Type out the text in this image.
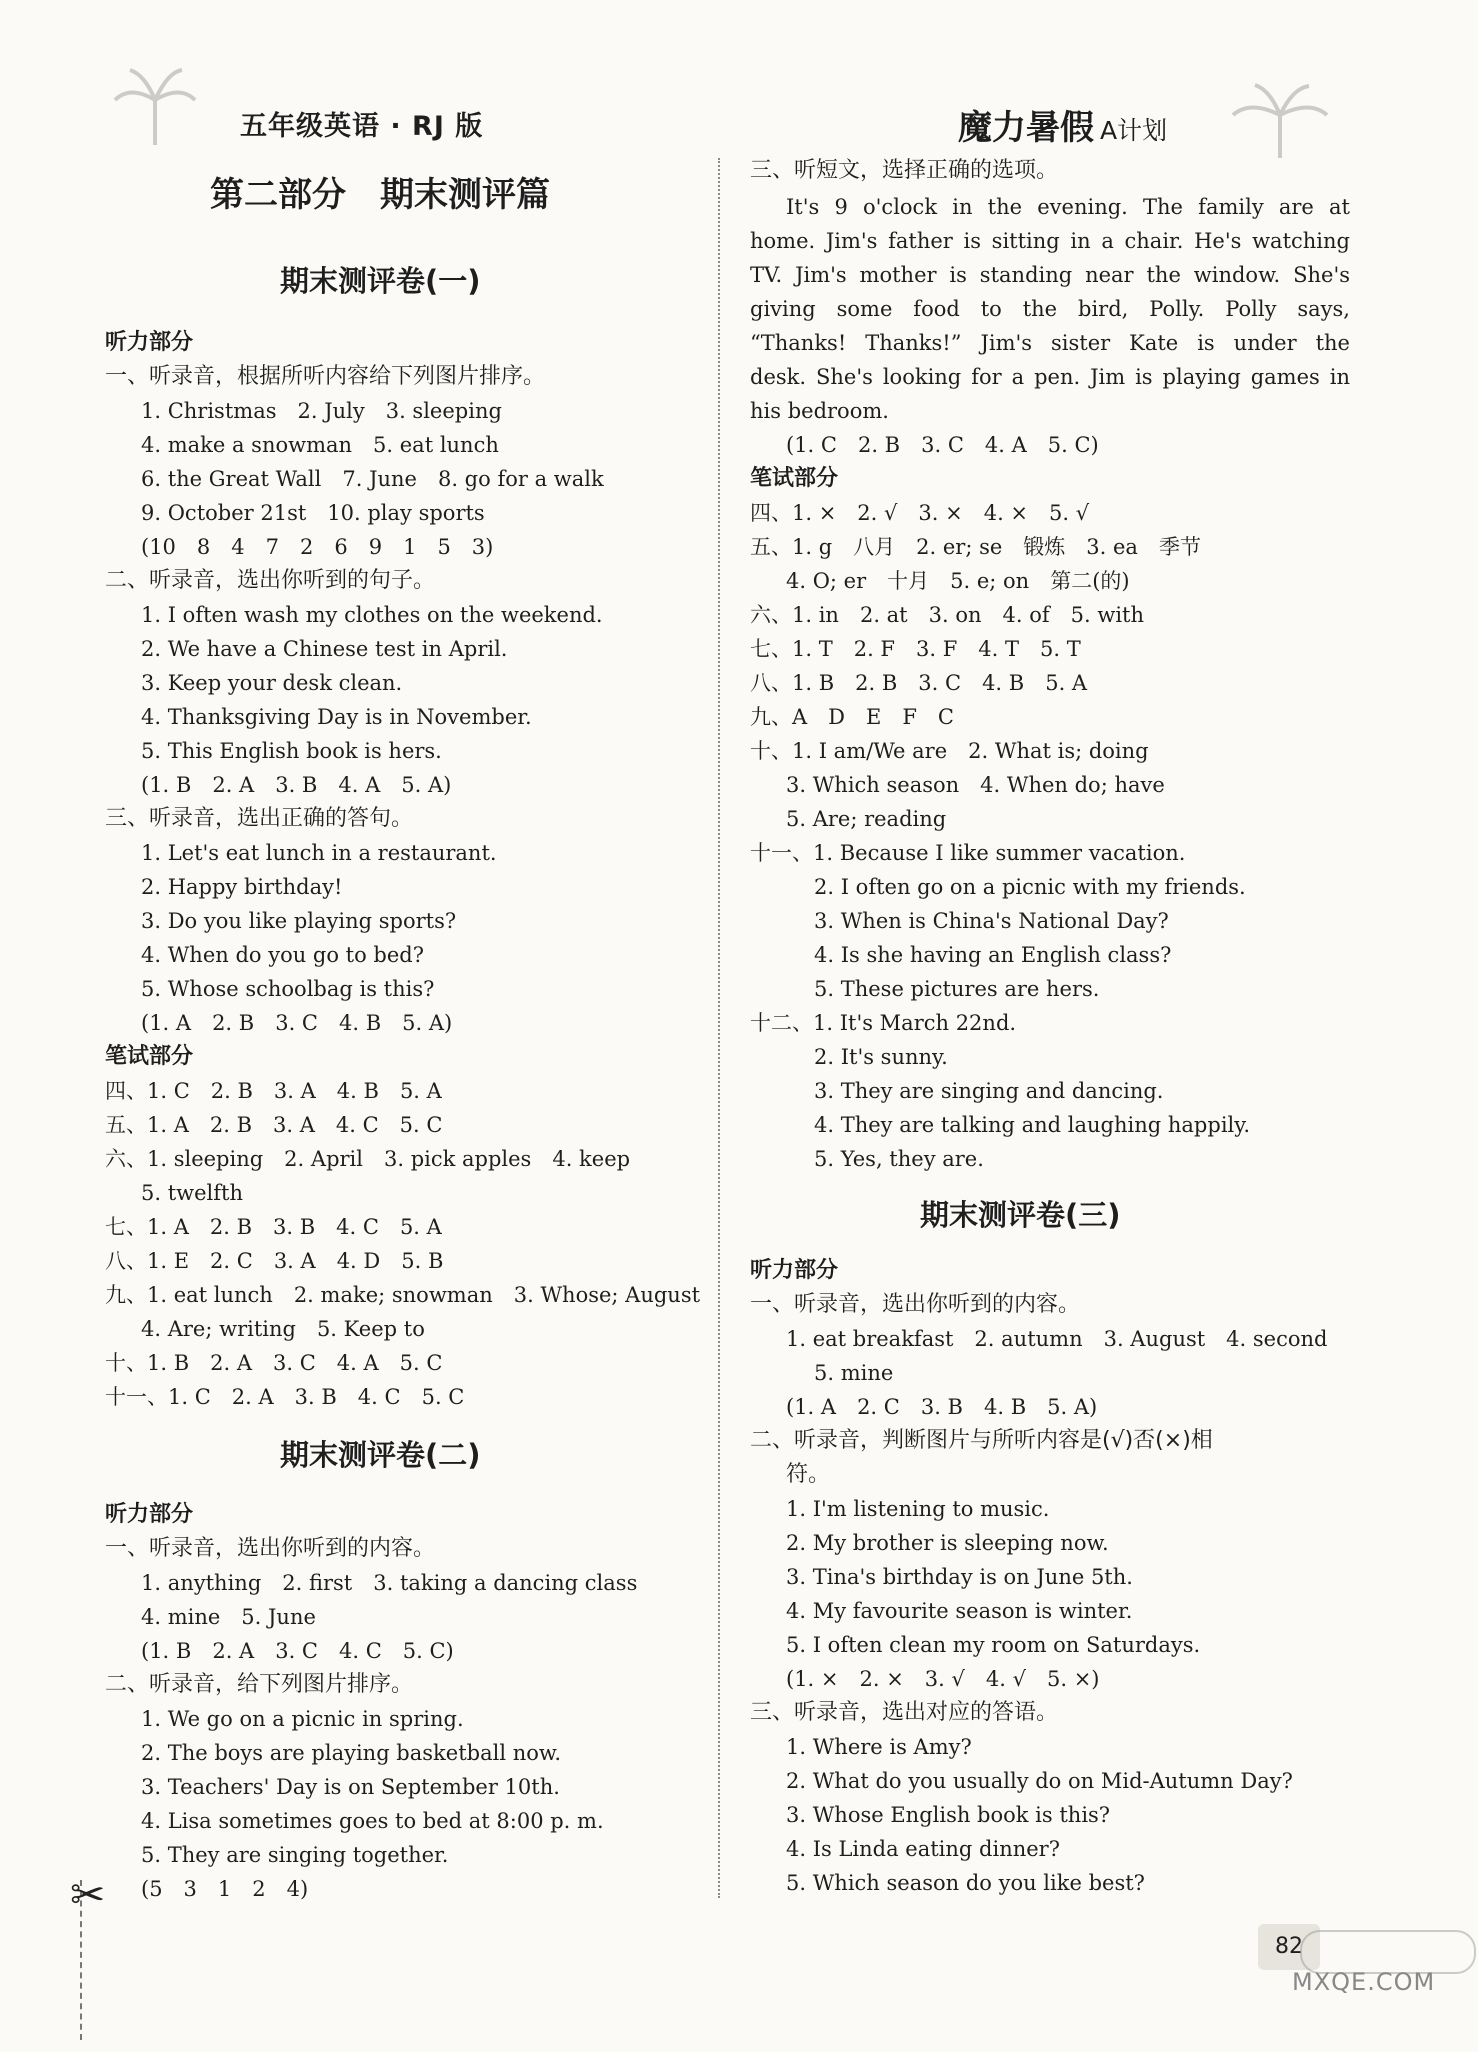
五年级英语 · RJ 版	魔力暑假 A计划
第二部分　期末测评篇
期末测评卷(一)
听力部分
一、听录音，根据所听内容给下列图片排序。
1. Christmas　2. July　3. sleeping
4. make a snowman　5. eat lunch
6. the Great Wall　7. June　8. go for a walk
9. October 21st　10. play sports
(10　8　4　7　2　6　9　1　5　3)
二、听录音，选出你听到的句子。
1. I often wash my clothes on the weekend.
2. We have a Chinese test in April.
3. Keep your desk clean.
4. Thanksgiving Day is in November.
5. This English book is hers.
(1. B　2. A　3. B　4. A　5. A)
三、听录音，选出正确的答句。
1. Let's eat lunch in a restaurant.
2. Happy birthday!
3. Do you like playing sports?
4. When do you go to bed?
5. Whose schoolbag is this?
(1. A　2. B　3. C　4. B　5. A)
笔试部分
四、1. C　2. B　3. A　4. B　5. A
五、1. A　2. B　3. A　4. C　5. C
六、1. sleeping　2. April　3. pick apples　4. keep
5. twelfth
七、1. A　2. B　3. B　4. C　5. A
八、1. E　2. C　3. A　4. D　5. B
九、1. eat lunch　2. make; snowman　3. Whose; August
4. Are; writing　5. Keep to
十、1. B　2. A　3. C　4. A　5. C
十一、1. C　2. A　3. B　4. C　5. C
期末测评卷(二)
听力部分
一、听录音，选出你听到的内容。
1. anything　2. first　3. taking a dancing class
4. mine　5. June
(1. B　2. A　3. C　4. C　5. C)
二、听录音，给下列图片排序。
1. We go on a picnic in spring.
2. The boys are playing basketball now.
3. Teachers' Day is on September 10th.
4. Lisa sometimes goes to bed at 8:00 p. m.
5. They are singing together.
(5　3　1　2　4)
三、听短文，选择正确的选项。
It's 9 o'clock in the evening. The family are at
home. Jim's father is sitting in a chair. He's watching
TV. Jim's mother is standing near the window. She's
giving some food to the bird, Polly. Polly says,
“Thanks! Thanks!” Jim's sister Kate is under the
desk. She's looking for a pen. Jim is playing games in
his bedroom.
(1. C　2. B　3. C　4. A　5. C)
笔试部分
四、1. ×　2. √　3. ×　4. ×　5. √
五、1. g　八月　2. er; se　锻炼　3. ea　季节
4. O; er　十月　5. e; on　第二(的)
六、1. in　2. at　3. on　4. of　5. with
七、1. T　2. F　3. F　4. T　5. T
八、1. B　2. B　3. C　4. B　5. A
九、A　D　E　F　C
十、1. I am/We are　2. What is; doing
3. Which season　4. When do; have
5. Are; reading
十一、1. Because I like summer vacation.
2. I often go on a picnic with my friends.
3. When is China's National Day?
4. Is she having an English class?
5. These pictures are hers.
十二、1. It's March 22nd.
2. It's sunny.
3. They are singing and dancing.
4. They are talking and laughing happily.
5. Yes, they are.
期末测评卷(三)
听力部分
一、听录音，选出你听到的内容。
1. eat breakfast　2. autumn　3. August　4. second
5. mine
(1. A　2. C　3. B　4. B　5. A)
二、听录音，判断图片与所听内容是(√)否(×)相
符。
1. I'm listening to music.
2. My brother is sleeping now.
3. Tina's birthday is on June 5th.
4. My favourite season is winter.
5. I often clean my room on Saturdays.
(1. ×　2. ×　3. √　4. √　5. ×)
三、听录音，选出对应的答语。
1. Where is Amy?
2. What do you usually do on Mid-Autumn Day?
3. Whose English book is this?
4. Is Linda eating dinner?
5. Which season do you like best?
✂
82
MXQE.COM
